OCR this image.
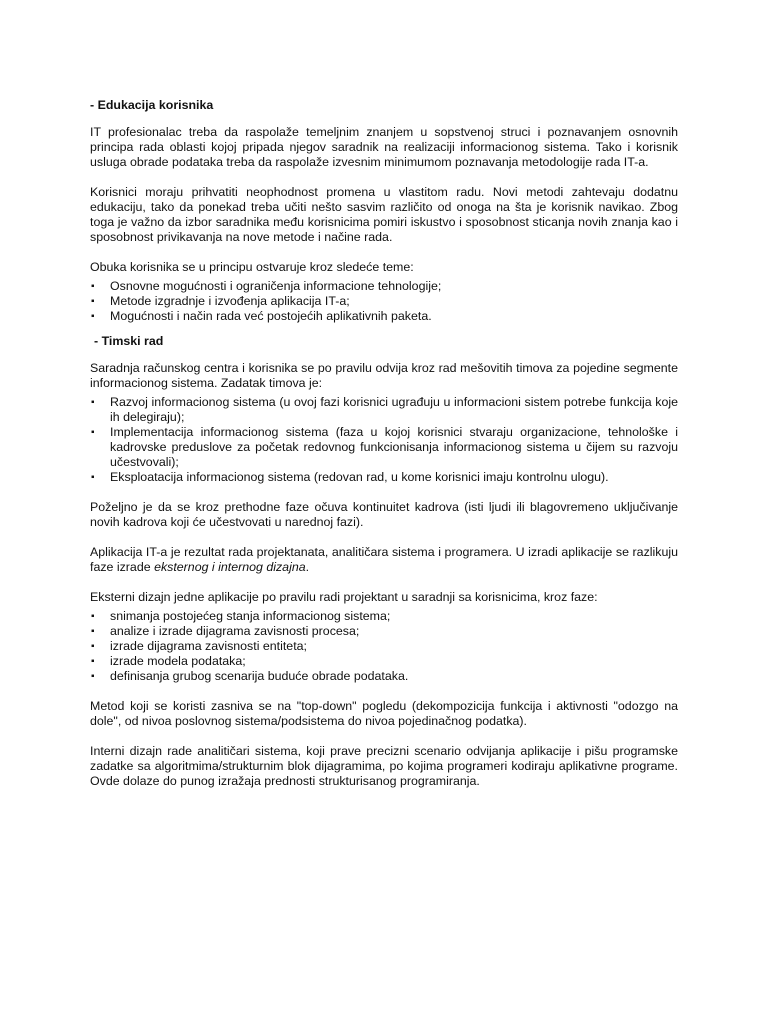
- Edukacija korisnika

IT profesionalac treba da raspolaže temeljnim znanjem u sopstvenoj struci i poznavanjem osnovnih principa rada oblasti kojoj pripada njegov saradnik na realizaciji informacionog sistema. Tako i korisnik usluga obrade podataka treba da raspolaže izvesnim minimumom poznavanja metodologije rada IT-a.

Korisnici moraju prihvatiti neophodnost promena u vlastitom radu. Novi metodi zahtevaju dodatnu edukaciju, tako da ponekad treba učiti nešto sasvim različito od onoga na šta je korisnik navikao. Zbog toga je važno da izbor saradnika među korisnicima pomiri iskustvo i sposobnost sticanja novih znanja kao i sposobnost privikavanja na nove metode i načine rada.

Obuka korisnika se u principu ostvaruje kroz sledeće teme:

▪ Osnovne mogućnosti i ograničenja informacione tehnologije;
▪ Metode izgradnje i izvođenja aplikacija IT-a;
▪ Mogućnosti i način rada već postojećih aplikativnih paketa.
- Timski rad

Saradnja računskog centra i korisnika se po pravilu odvija kroz rad mešovitih timova za pojedine segmente informacionog sistema. Zadatak timova je:

▪ Razvoj informacionog sistema (u ovoj fazi korisnici ugrađuju u informacioni sistem potrebe funkcija koje ih delegiraju);
▪ Implementacija informacionog sistema (faza u kojoj korisnici stvaraju organizacione, tehnološke i kadrovske preduslove za početak redovnog funkcionisanja informacionog sistema u čijem su razvoju učestvovali);
▪ Eksploatacija informacionog sistema (redovan rad, u kome korisnici imaju kontrolnu ulogu).

Poželjno je da se kroz prethodne faze očuva kontinuitet kadrova (isti ljudi ili blagovremeno uključivanje novih kadrova koji će učestvovati u narednoj fazi).

Aplikacija IT-a je rezultat rada projektanata, analitičara sistema i programera. U izradi aplikacije se razlikuju faze izrade eksternog i internog dizajna.

Eksterni dizajn jedne aplikacije po pravilu radi projektant u saradnji sa korisnicima, kroz faze:

▪ snimanja postojećeg stanja informacionog sistema;
▪ analize i izrade dijagrama zavisnosti procesa;
▪ izrade dijagrama zavisnosti entiteta;
▪ izrade modela podataka;
▪ definisanja grubog scenarija buduće obrade podataka.

Metod koji se koristi zasniva se na "top-down" pogledu (dekompozicija funkcija i aktivnosti "odozgo na dole", od nivoa poslovnog sistema/podsistema do nivoa pojedinačnog podatka).

Interni dizajn rade analitičari sistema, koji prave precizni scenario odvijanja aplikacije i pišu programske zadatke sa algoritmima/strukturnim blok dijagramima, po kojima programeri kodiraju aplikativne programe. Ovde dolaze do punog izražaja prednosti strukturisanog programiranja.
